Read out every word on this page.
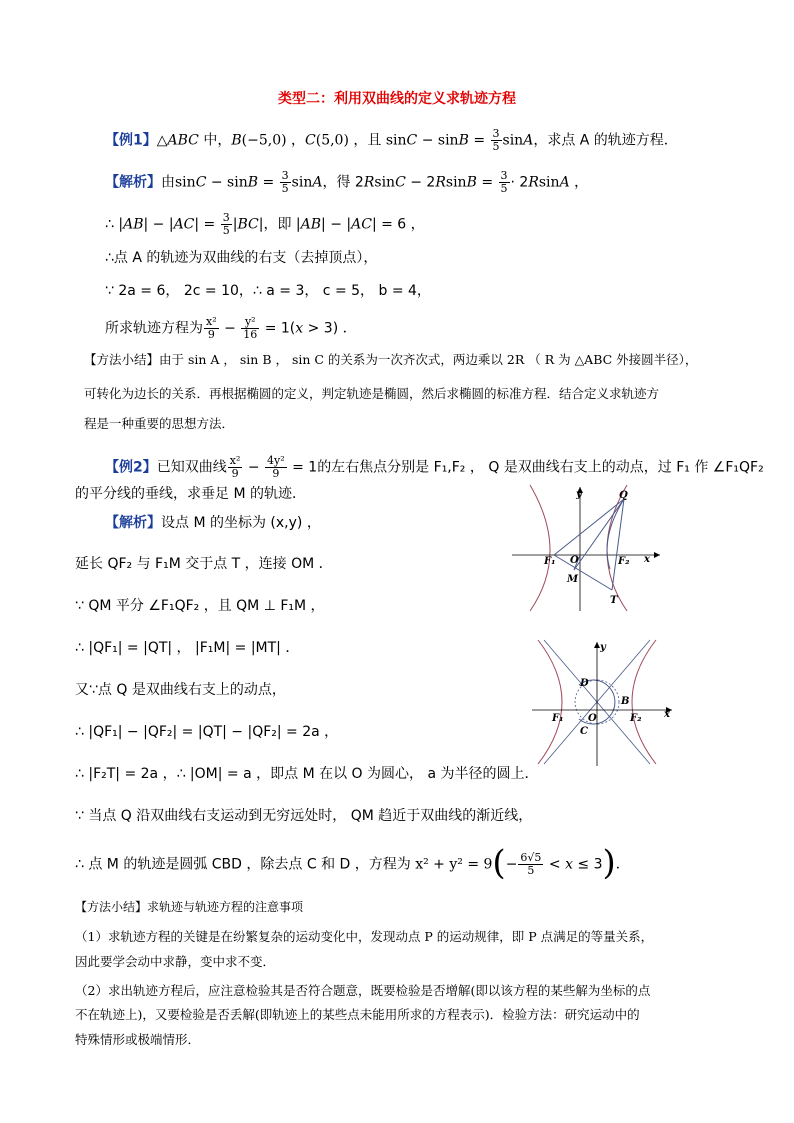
类型二：利用双曲线的定义求轨迹方程
【例1】△ABC 中，B(−5,0) ，C(5,0) ，且 $\sin C - \sin B = \frac{3}{5}$ sinA，求点 A 的轨迹方程．
【解析】由$\sin C - \sin B = \frac{3}{5}$ sinA，得 $2RsinC - 2RsinB = \frac{3}{5} \cdot 2RsinA$ ，
∴ $|AB| - |AC| = \frac{3}{5} |BC|$，即 |AB| − |AC| = 6 ，
∴点 A 的轨迹为双曲线的右支（去掉顶点），
∵ 2a = 6， 2c = 10，∴ a = 3， c = 5， b = 4，
所求轨迹方程为 $\frac{\text{x²}}{9} - \frac{\text{y²}}{16} = 1(x > 3)$ ．
【方法小结】由于 sin A ， sin B ， sin C 的关系为一次齐次式，两边乘以 2R （ R 为 △ABC 外接圆半径），
可转化为边长的关系．再根据椭圆的定义，判定轨迹是椭圆，然后求椭圆的标准方程．结合定义求轨迹方
程是一种重要的思想方法．
【例2】已知双曲线 $\frac{\text{x²}}{9} - \frac{\text{4y²}}{9} = 1$的左右焦点分别是 F₁,F₂ ， Q 是双曲线右支上的动点，过 F₁ 作 ∠F₁QF₂
的平分线的垂线，求垂足 M 的轨迹．
【解析】设点 M 的坐标为 (x,y) ，
延长 QF₂ 与 F₁M 交于点 T ，连接 OM ．
∵ QM 平分 ∠F₁QF₂ ，且 QM ⊥ F₁M ，
∴ |QF₁| = |QT| ， |F₁M| = |MT| ．
又∵点 Q 是双曲线右支上的动点，
∴ |QF₁| − |QF₂| = |QT| − |QF₂| = 2a ，
∴ |F₂T| = 2a ，∴ |OM| = a ，即点 M 在以 O 为圆心， a 为半径的圆上．
∵ 当点 Q 沿双曲线右支运动到无穷远处时， QM 趋近于双曲线的渐近线，
∴ 点 M 的轨迹是圆弧 CBD ，除去点 C 和 D ，方程为 $x^2 + y^2 = 9(- \frac{6√5}{5} < x \le 3)$．
【方法小结】求轨迹与轨迹方程的注意事项
（1）求轨迹方程的关键是在纷繁复杂的运动变化中，发现动点 P 的运动规律，即 P 点满足的等量关系，
因此要学会动中求静，变中求不变．
（2）求出轨迹方程后，应注意检验其是否符合题意，既要检验是否增解(即以该方程的某些解为坐标的点
不在轨迹上)，又要检验是否丢解(即轨迹上的某些点未能用所求的方程表示)．检验方法：研究运动中的
特殊情形或极端情形．
y	Q
O
F₁	F₂ x
M
T
y
D
B
F₁ O	F₂ x
C
